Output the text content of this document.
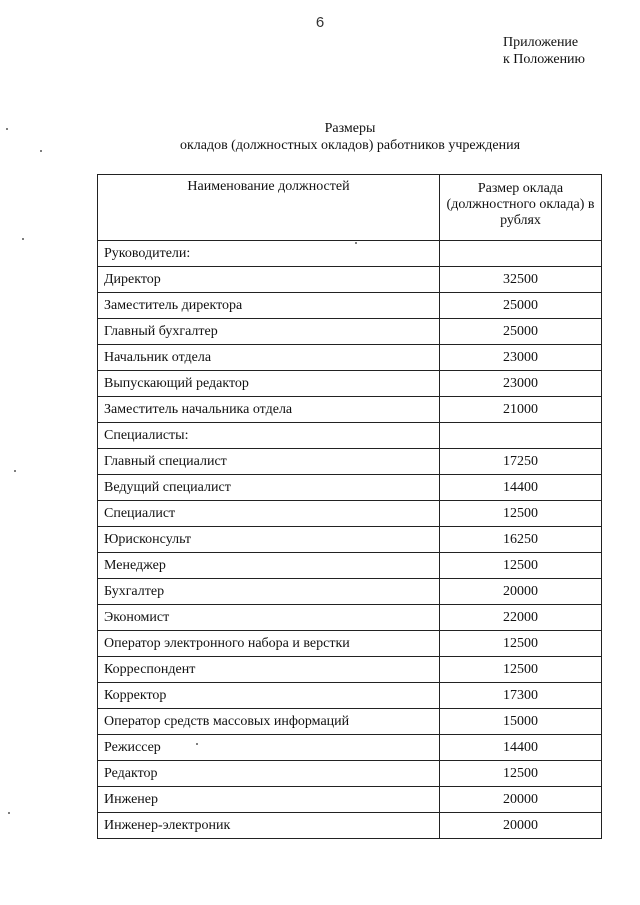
6
Приложение
к Положению
Размеры
окладов (должностных окладов) работников учреждения
Наименование должностей	Размер оклада (должностного оклада) в рублях
Руководители:	
Директор	32500
Заместитель директора	25000
Главный бухгалтер	25000
Начальник отдела	23000
Выпускающий редактор	23000
Заместитель начальника отдела	21000
Специалисты:	
Главный специалист	17250
Ведущий специалист	14400
Специалист	12500
Юрисконсульт	16250
Менеджер	12500
Бухгалтер	20000
Экономист	22000
Оператор электронного набора и верстки	12500
Корреспондент	12500
Корректор	17300
Оператор средств массовых информаций	15000
Режиссер	14400
Редактор	12500
Инженер	20000
Инженер-электроник	20000
